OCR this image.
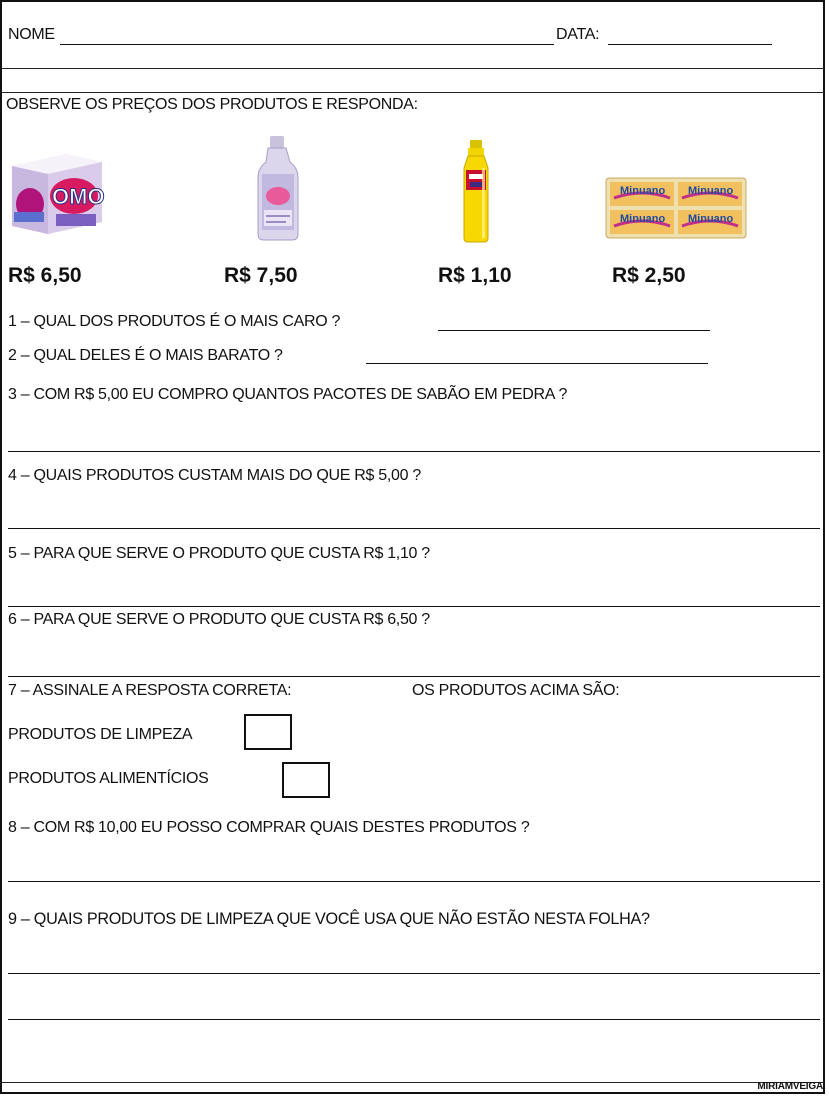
NOME	DATA:
OBSERVE OS PREÇOS DOS PRODUTOS E RESPONDA:
OMO
R$ 6,50	R$ 7,50	R$ 1,10
Minuano Minuano
Minuano Minuano
R$ 2,50
1 – QUAL DOS PRODUTOS É O MAIS CARO ?
2 – QUAL DELES É O MAIS BARATO ?
3 – COM R$ 5,00 EU COMPRO QUANTOS PACOTES DE SABÃO EM PEDRA ?
4 – QUAIS PRODUTOS CUSTAM MAIS DO QUE R$ 5,00 ?
5 – PARA QUE SERVE O PRODUTO QUE CUSTA R$ 1,10 ?
6 – PARA QUE SERVE O PRODUTO QUE CUSTA R$ 6,50 ?
7 – ASSINALE A RESPOSTA CORRETA:	OS PRODUTOS ACIMA SÃO:
PRODUTOS DE LIMPEZA
PRODUTOS ALIMENTÍCIOS
8 – COM R$ 10,00 EU POSSO COMPRAR QUAIS DESTES PRODUTOS ?
9 – QUAIS PRODUTOS DE LIMPEZA QUE VOCÊ USA QUE NÃO ESTÃO NESTA FOLHA?
MIRIAMVEIGA
